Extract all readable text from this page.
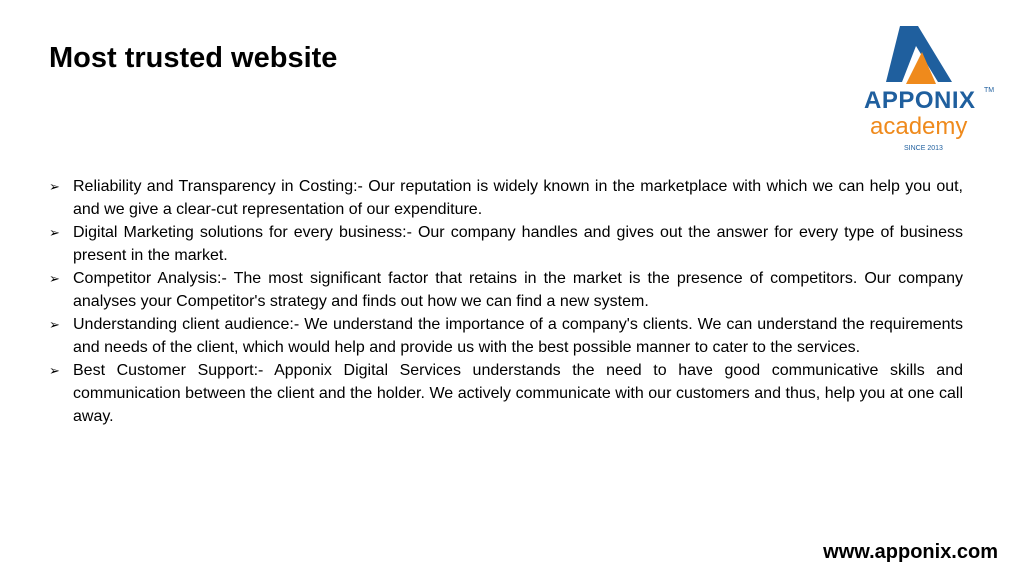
Most trusted website
APPONIX TM
academy
SINCE 2013
➢ Reliability and Transparency in Costing:- Our reputation is widely known in the marketplace with which we can help you out, and we give a clear-cut representation of our expenditure.
➢ Digital Marketing solutions for every business:- Our company handles and gives out the answer for every type of business present in the market.
➢ Competitor Analysis:- The most significant factor that retains in the market is the presence of competitors. Our company analyses your Competitor's strategy and finds out how we can find a new system.
➢ Understanding client audience:- We understand the importance of a company's clients. We can understand the requirements and needs of the client, which would help and provide us with the best possible manner to cater to the services.
➢ Best Customer Support:- Apponix Digital Services understands the need to have good communicative skills and communication between the client and the holder. We actively communicate with our customers and thus, help you at one call away.
www.apponix.com
